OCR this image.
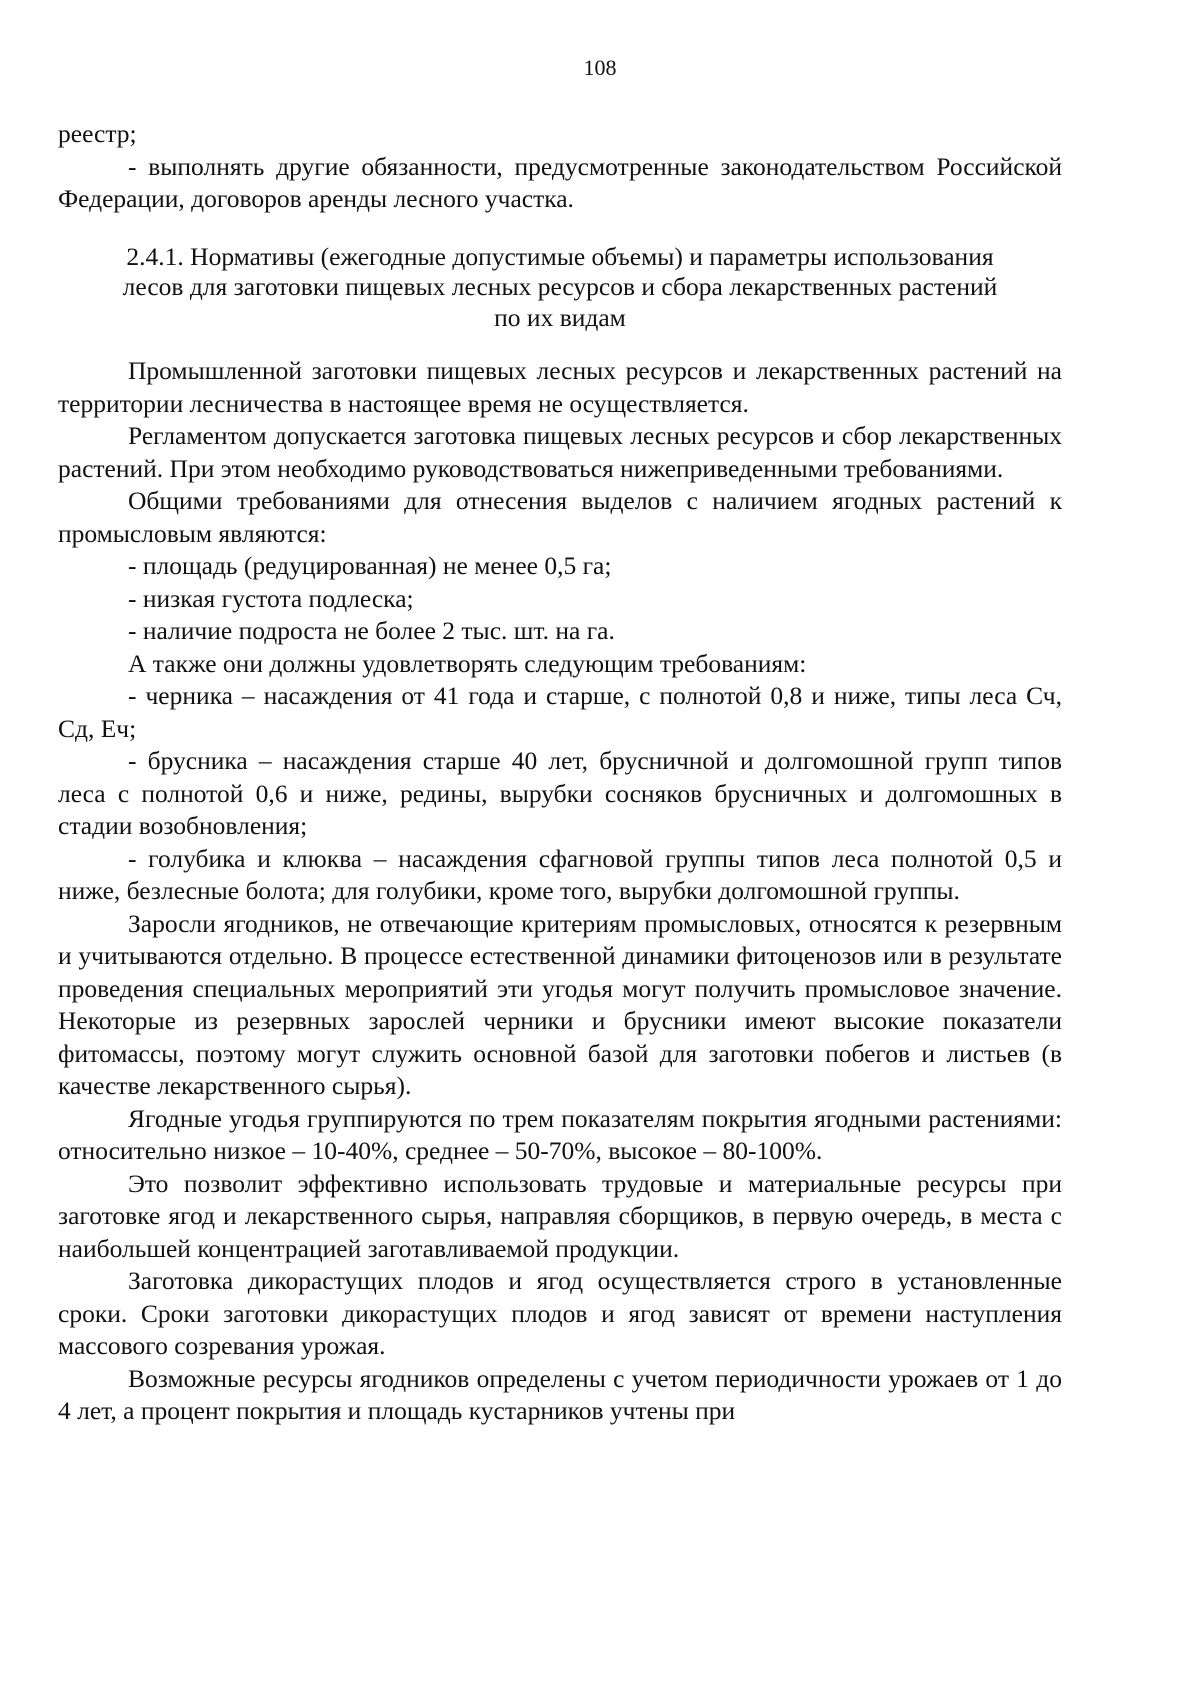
108

реестр;

- выполнять другие обязанности, предусмотренные законодательством Российской Федерации, договоров аренды лесного участка.

2.4.1. Нормативы (ежегодные допустимые объемы) и параметры использования
лесов для заготовки пищевых лесных ресурсов и сбора лекарственных растений
по их видам

Промышленной заготовки пищевых лесных ресурсов и лекарственных растений на территории лесничества в настоящее время не осуществляется.

Регламентом допускается заготовка пищевых лесных ресурсов и сбор лекарственных растений. При этом необходимо руководствоваться нижеприведенными требованиями.

Общими требованиями для отнесения выделов с наличием ягодных растений к промысловым являются:

- площадь (редуцированная) не менее 0,5 га;

- низкая густота подлеска;

- наличие подроста не более 2 тыс. шт. на га.

А также они должны удовлетворять следующим требованиям:

- черника – насаждения от 41 года и старше, с полнотой 0,8 и ниже, типы леса Сч, Сд, Еч;

- брусника – насаждения старше 40 лет, брусничной и долгомошной групп типов леса с полнотой 0,6 и ниже, редины, вырубки сосняков брусничных и долгомошных в стадии возобновления;

- голубика и клюква – насаждения сфагновой группы типов леса полнотой 0,5 и ниже, безлесные болота; для голубики, кроме того, вырубки долгомошной группы.

Заросли ягодников, не отвечающие критериям промысловых, относятся к резервным и учитываются отдельно. В процессе естественной динамики фитоценозов или в результате проведения специальных мероприятий эти угодья могут получить промысловое значение. Некоторые из резервных зарослей черники и брусники имеют высокие показатели фитомассы, поэтому могут служить основной базой для заготовки побегов и листьев (в качестве лекарственного сырья).

Ягодные угодья группируются по трем показателям покрытия ягодными растениями: относительно низкое – 10-40%, среднее – 50-70%, высокое – 80-100%.

Это позволит эффективно использовать трудовые и материальные ресурсы при заготовке ягод и лекарственного сырья, направляя сборщиков, в первую очередь, в места с наибольшей концентрацией заготавливаемой продукции.

Заготовка дикорастущих плодов и ягод осуществляется строго в установленные сроки. Сроки заготовки дикорастущих плодов и ягод зависят от времени наступления массового созревания урожая.

Возможные ресурсы ягодников определены с учетом периодичности урожаев от 1 до 4 лет, а процент покрытия и площадь кустарников учтены при
